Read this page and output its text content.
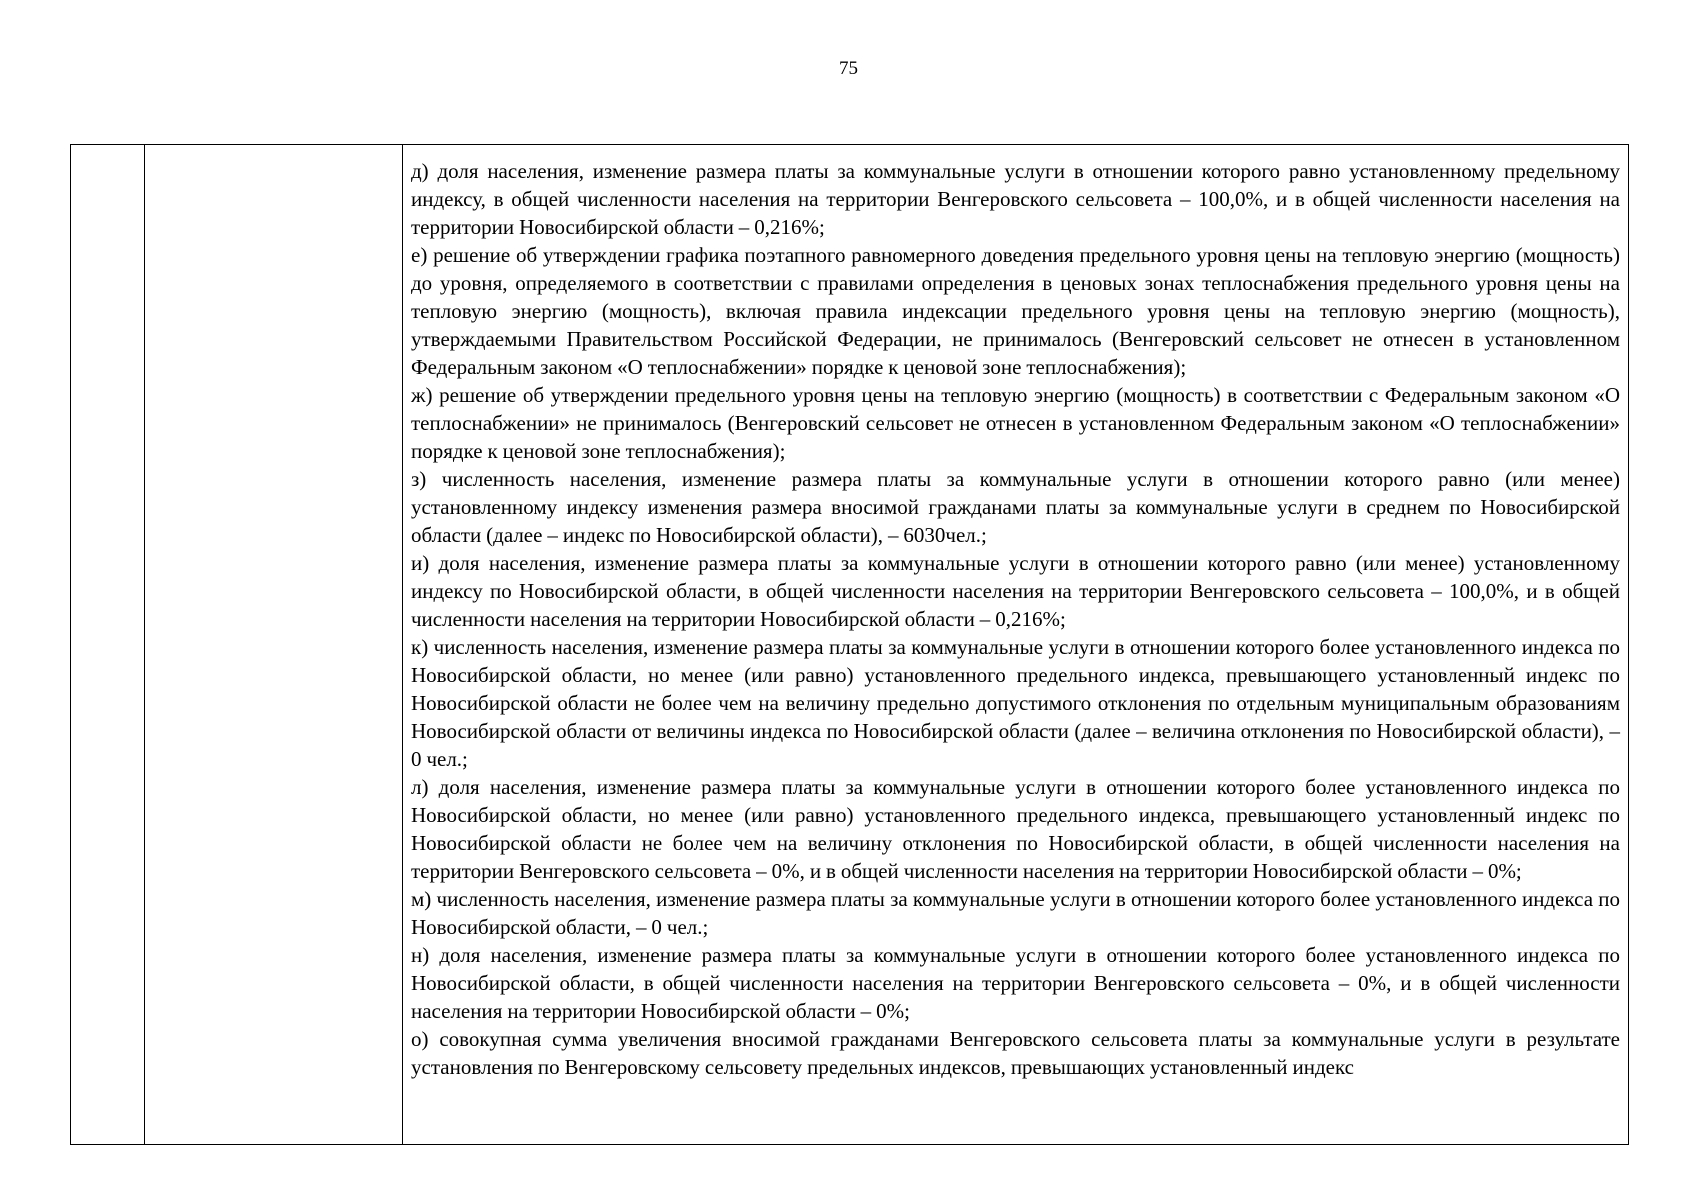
75

д) доля населения, изменение размера платы за коммунальные услуги в отношении которого равно установленному предельному индексу, в общей численности населения на территории Венгеровского сельсовета – 100,0%, и в общей численности населения на территории Новосибирской области – 0,216%;

е) решение об утверждении графика поэтапного равномерного доведения предельного уровня цены на тепловую энергию (мощность) до уровня, определяемого в соответствии с правилами определения в ценовых зонах теплоснабжения предельного уровня цены на тепловую энергию (мощность), включая правила индексации предельного уровня цены на тепловую энергию (мощность), утверждаемыми Правительством Российской Федерации, не принималось (Венгеровский сельсовет не отнесен в установленном Федеральным законом «О теплоснабжении» порядке к ценовой зоне теплоснабжения);

ж) решение об утверждении предельного уровня цены на тепловую энергию (мощность) в соответствии с Федеральным законом «О теплоснабжении» не принималось (Венгеровский сельсовет не отнесен в установленном Федеральным законом «О теплоснабжении» порядке к ценовой зоне теплоснабжения);

з) численность населения, изменение размера платы за коммунальные услуги в отношении которого равно (или менее) установленному индексу изменения размера вносимой гражданами платы за коммунальные услуги в среднем по Новосибирской области (далее – индекс по Новосибирской области), – 6030чел.;

и) доля населения, изменение размера платы за коммунальные услуги в отношении которого равно (или менее) установленному индексу по Новосибирской области, в общей численности населения на территории Венгеровского сельсовета – 100,0%, и в общей численности населения на территории Новосибирской области – 0,216%;

к) численность населения, изменение размера платы за коммунальные услуги в отношении которого более установленного индекса по Новосибирской области, но менее (или равно) установленного предельного индекса, превышающего установленный индекс по Новосибирской области не более чем на величину предельно допустимого отклонения по отдельным муниципальным образованиям Новосибирской области от величины индекса по Новосибирской области (далее – величина отклонения по Новосибирской области), – 0 чел.;

л) доля населения, изменение размера платы за коммунальные услуги в отношении которого более установленного индекса по Новосибирской области, но менее (или равно) установленного предельного индекса, превышающего установленный индекс по Новосибирской области не более чем на величину отклонения по Новосибирской области, в общей численности населения на территории Венгеровского сельсовета – 0%, и в общей численности населения на территории Новосибирской области – 0%;

м) численность населения, изменение размера платы за коммунальные услуги в отношении которого более установленного индекса по Новосибирской области, – 0 чел.;

н) доля населения, изменение размера платы за коммунальные услуги в отношении которого более установленного индекса по Новосибирской области, в общей численности населения на территории Венгеровского сельсовета – 0%, и в общей численности населения на территории Новосибирской области – 0%;

о) совокупная сумма увеличения вносимой гражданами Венгеровского сельсовета платы за коммунальные услуги в результате установления по Венгеровскому сельсовету предельных индексов, превышающих установленный индекс
